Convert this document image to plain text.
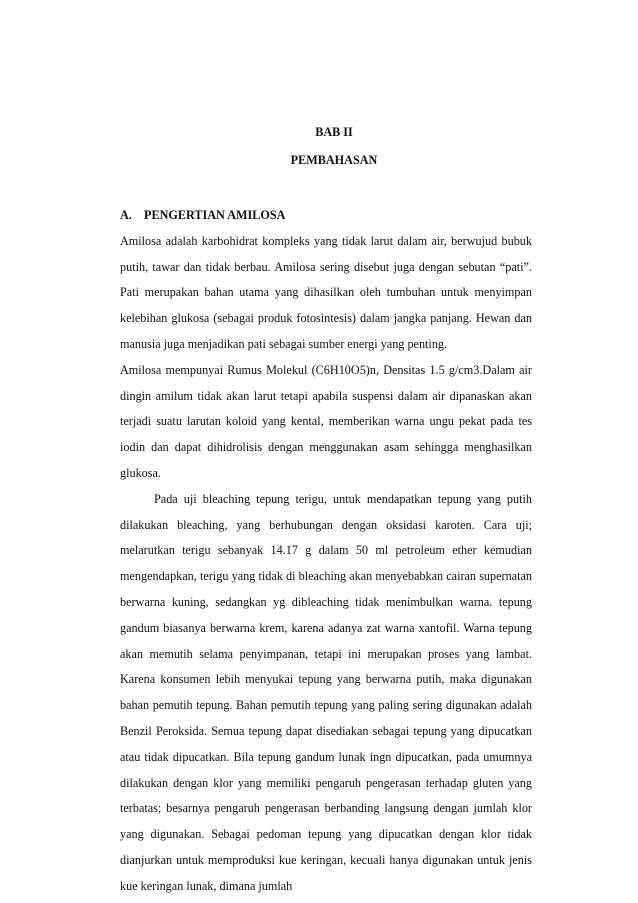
BAB II
PEMBAHASAN

A. PENGERTIAN AMILOSA

Amilosa adalah karbohidrat kompleks yang tidak larut dalam air, berwujud bubuk putih, tawar dan tidak berbau. Amilosa sering disebut juga dengan sebutan “pati”. Pati merupakan bahan utama yang dihasilkan oleh tumbuhan untuk menyimpan kelebihan glukosa (sebagai produk fotosintesis) dalam jangka panjang. Hewan dan manusia juga menjadikan pati sebagai sumber energi yang penting.

Amilosa mempunyai Rumus Molekul (C6H10O5)n, Densitas 1.5 g/cm3.Dalam air dingin amilum tidak akan larut tetapi apabila suspensi dalam air dipanaskan akan terjadi suatu larutan koloid yang kental, memberikan warna ungu pekat pada tes iodin dan dapat dihidrolisis dengan menggunakan asam sehingga menghasilkan glukosa.

Pada uji bleaching tepung terigu, untuk mendapatkan tepung yang putih dilakukan bleaching, yang berhubungan dengan oksidasi karoten. Cara uji; melarutkan terigu sebanyak 14.17 g dalam 50 ml petroleum ether kemudian mengendapkan, terigu yang tidak di bleaching akan menyebabkan cairan supernatan berwarna kuning, sedangkan yg dibleaching tidak menimbulkan warna. tepung gandum biasanya berwarna krem, karena adanya zat warna xantofil. Warna tepung akan memutih selama penyimpanan, tetapi ini merupakan proses yang lambat. Karena konsumen lebih menyukai tepung yang berwarna putih, maka digunakan bahan pemutih tepung. Bahan pemutih tepung yang paling sering digunakan adalah Benzil Peroksida. Semua tepung dapat disediakan sebagai tepung yang dipucatkan atau tidak dipucatkan. Bila tepung gandum lunak ingn dipucatkan, pada umumnya dilakukan dengan klor yang memiliki pengaruh pengerasan terhadap gluten yang terbatas; besarnya pengaruh pengerasan berbanding langsung dengan jumlah klor yang digunakan. Sebagai pedoman tepung yang dipucatkan dengan klor tidak dianjurkan untuk memproduksi kue keringan, kecuali hanya digunakan untuk jenis kue keringan lunak, dimana jumlah
